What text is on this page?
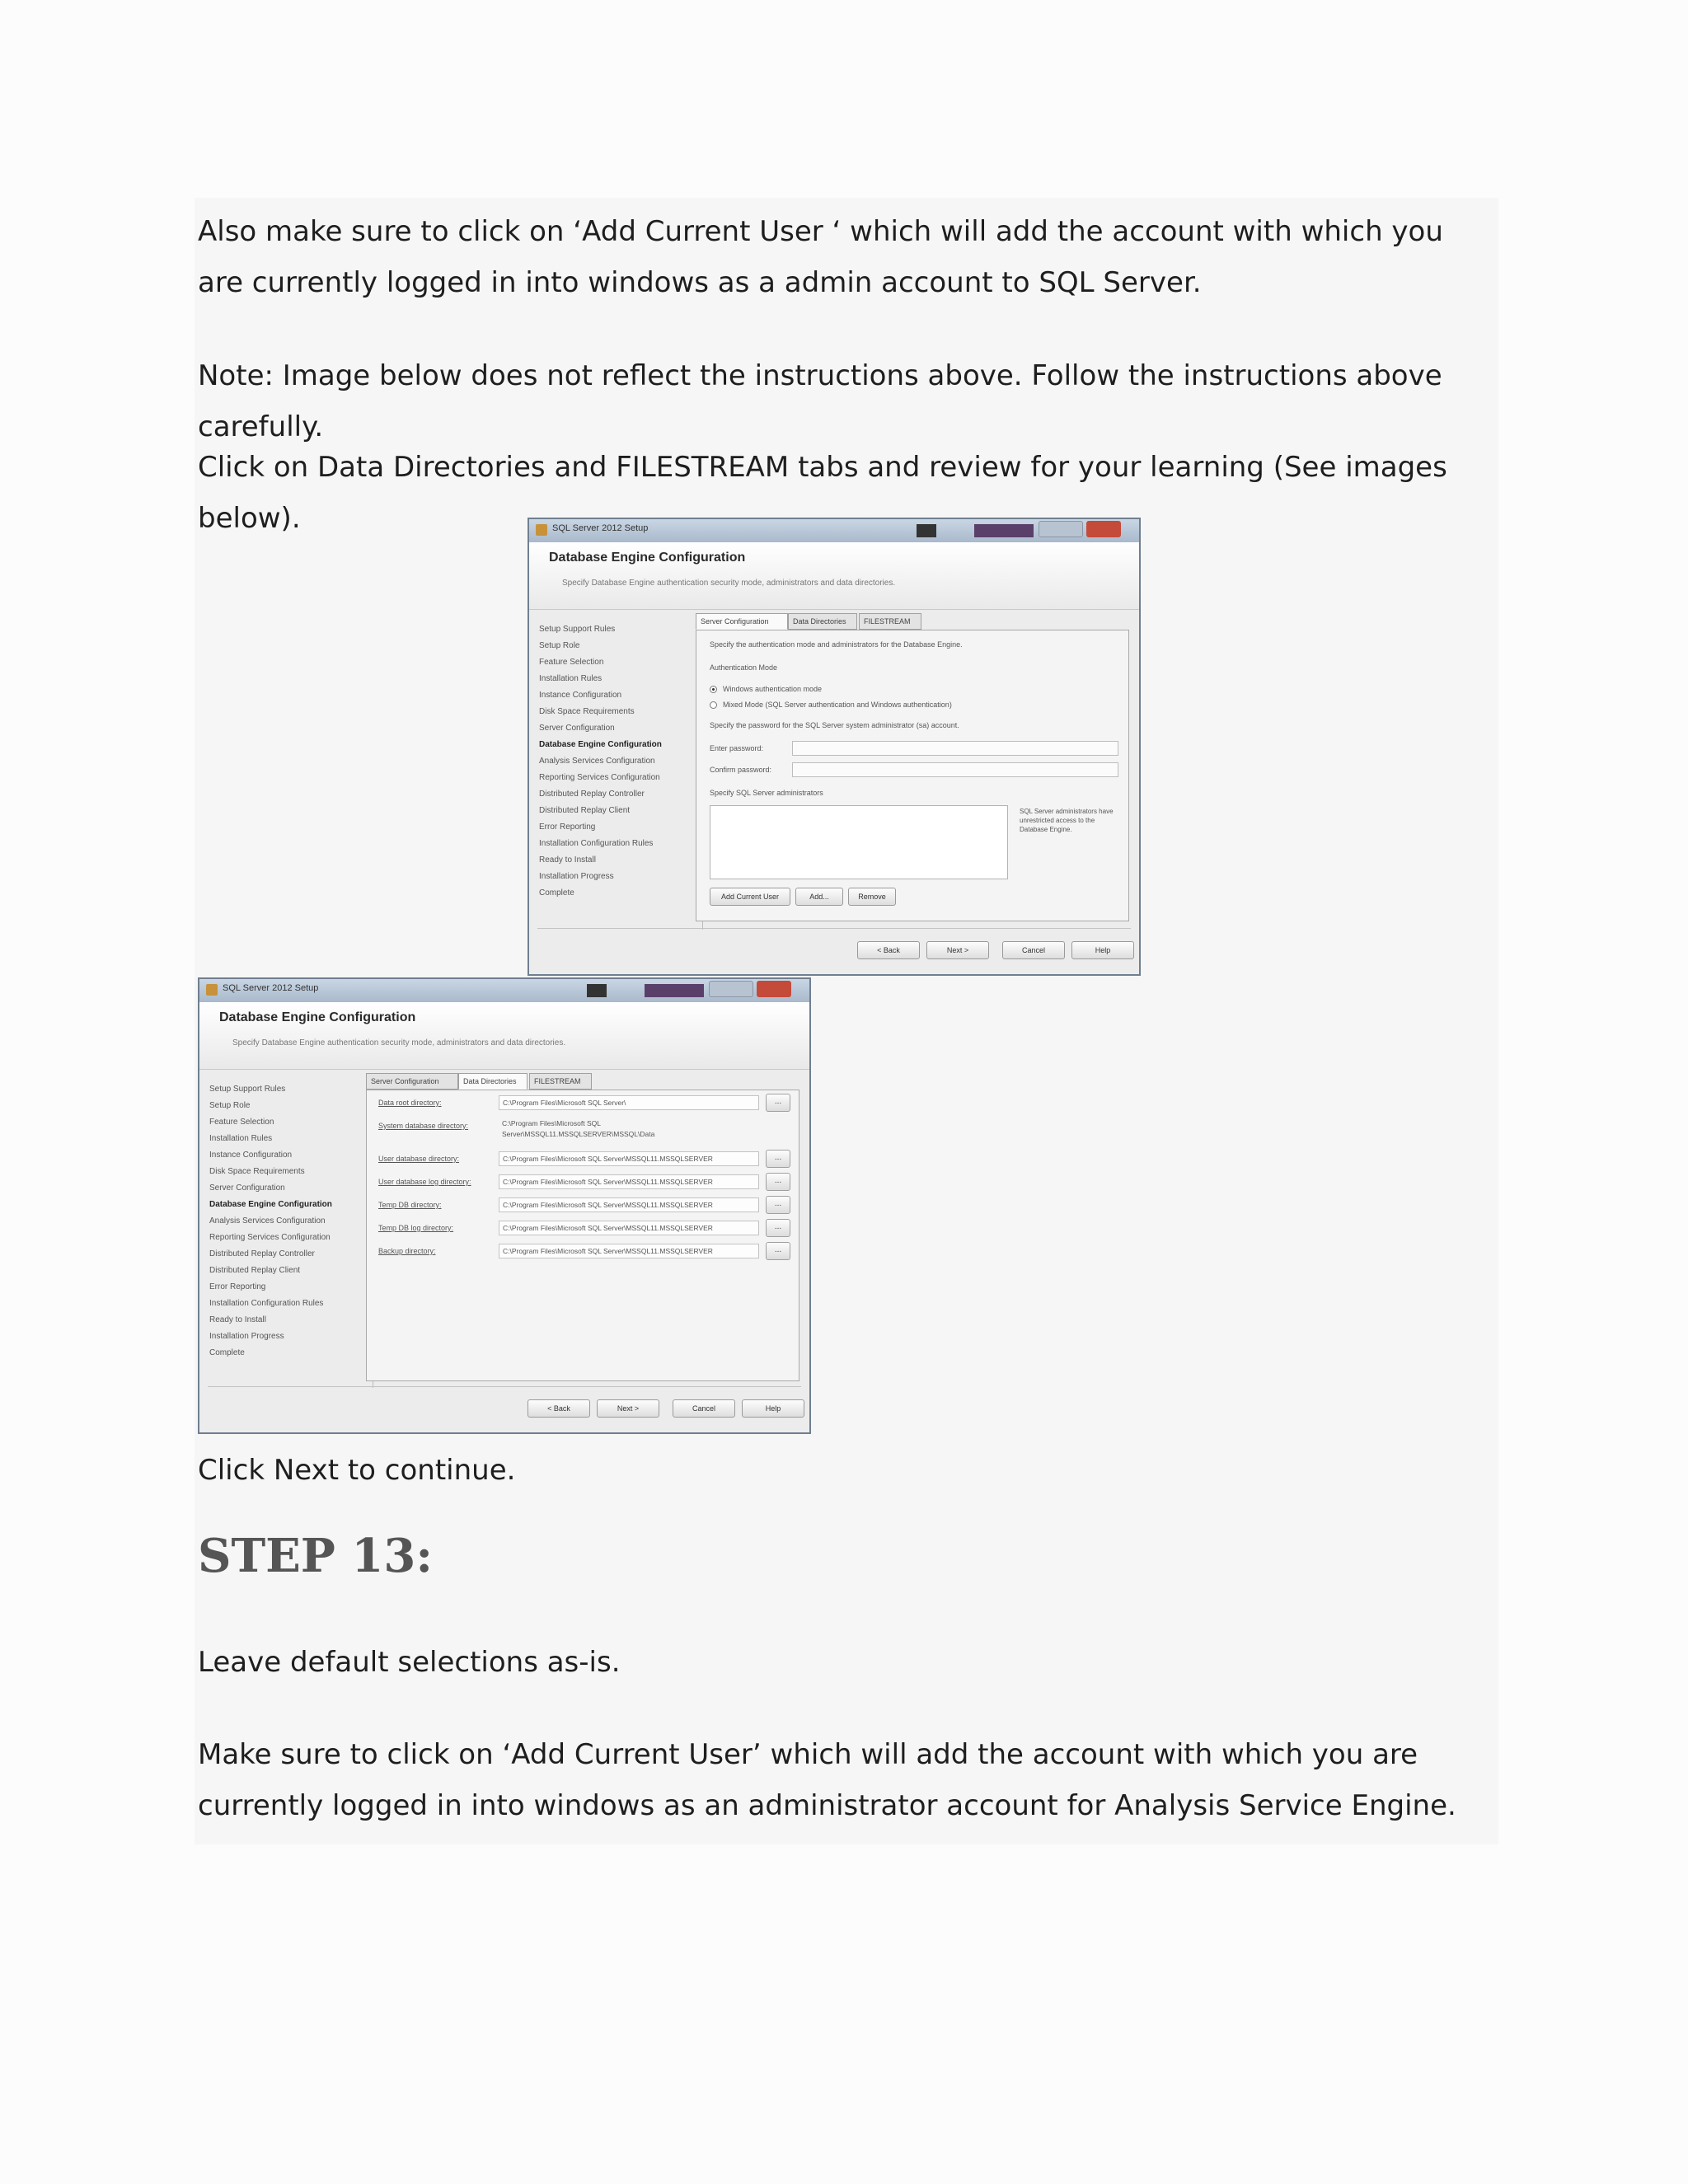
Also make sure to click on ‘Add Current User ‘ which will add the account with which you are currently logged in into windows as a admin account to SQL Server.

Note: Image below does not reflect the instructions above. Follow the instructions above carefully.

Click on Data Directories and FILESTREAM tabs and review for your learning (See images below).	SQL Server 2012 Setup
Database Engine Configuration
Specify Database Engine authentication security mode, administrators and data directories.
Setup Support Rules
Setup Role
Feature Selection
Installation Rules
Instance Configuration
Disk Space Requirements
Server Configuration
Database Engine Configuration
Analysis Services Configuration
Reporting Services Configuration
Distributed Replay Controller
Distributed Replay Client
Error Reporting
Installation Configuration Rules
Ready to Install
Installation Progress
Complete
Server Configuration	Data Directories	FILESTREAM
Specify the authentication mode and administrators for the Database Engine.
Authentication Mode
Windows authentication mode
Mixed Mode (SQL Server authentication and Windows authentication)
Specify the password for the SQL Server system administrator (sa) account.
Enter password:
Confirm password:
Specify SQL Server administrators
SQL Server administrators have unrestricted access to the Database Engine.
Add Current User	Add...	Remove
< Back	Next >	Cancel	Help
SQL Server 2012 Setup
Database Engine Configuration
Specify Database Engine authentication security mode, administrators and data directories.
Setup Support Rules
Setup Role
Feature Selection
Installation Rules
Instance Configuration
Disk Space Requirements
Server Configuration
Database Engine Configuration
Analysis Services Configuration
Reporting Services Configuration
Distributed Replay Controller
Distributed Replay Client
Error Reporting
Installation Configuration Rules
Ready to Install
Installation Progress
Complete
Server Configuration	Data Directories	FILESTREAM
Data root directory:	C:\Program Files\Microsoft SQL Server\	...
System database directory:	C:\Program Files\Microsoft SQL Server\MSSQL11.MSSQLSERVER\MSSQL\Data
User database directory:	C:\Program Files\Microsoft SQL Server\MSSQL11.MSSQLSERVER	...
User database log directory:	C:\Program Files\Microsoft SQL Server\MSSQL11.MSSQLSERVER	...
Temp DB directory:	C:\Program Files\Microsoft SQL Server\MSSQL11.MSSQLSERVER	...
Temp DB log directory:	C:\Program Files\Microsoft SQL Server\MSSQL11.MSSQLSERVER	...
Backup directory:	C:\Program Files\Microsoft SQL Server\MSSQL11.MSSQLSERVER	...
< Back	Next >	Cancel	Help

Click Next to continue.

STEP 13:

Leave default selections as-is.

Make sure to click on ‘Add Current User’ which will add the account with which you are currently logged in into windows as an administrator account for Analysis Service Engine.
